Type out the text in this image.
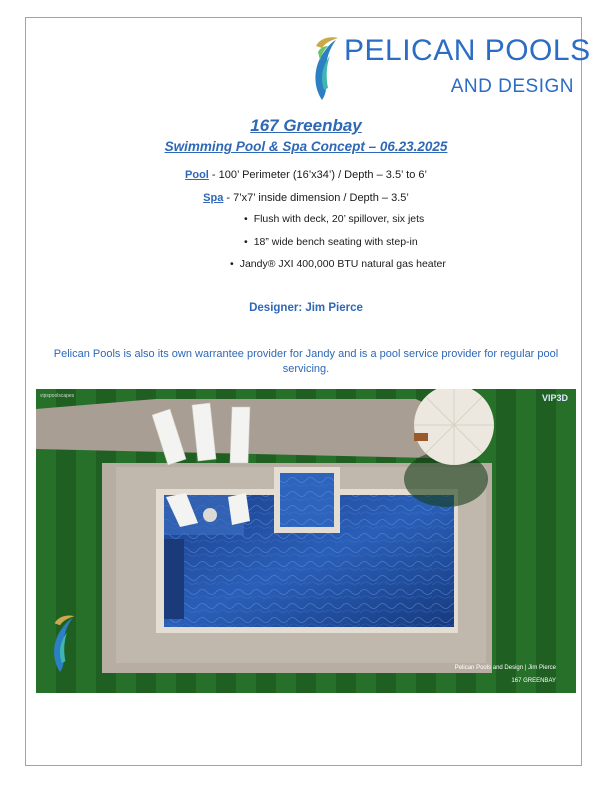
PELICAN POOLS
AND DESIGN
167 Greenbay
Swimming Pool & Spa Concept – 06.23.2025
Pool - 100’ Perimeter (16’x34’) / Depth – 3.5’ to 6’
Spa - 7’x7’ inside dimension / Depth – 3.5’
• Flush with deck, 20’ spillover, six jets
• 18” wide bench seating with step-in
• Jandy® JXI 400,000 BTU natural gas heater
Designer: Jim Pierce
Pelican Pools is also its own warrantee provider for Jandy and is a pool service provider for regular pool servicing.
vipspoolscapes	VIP3D
Pelican Pools and Design | Jim Pierce
167 GREENBAY
